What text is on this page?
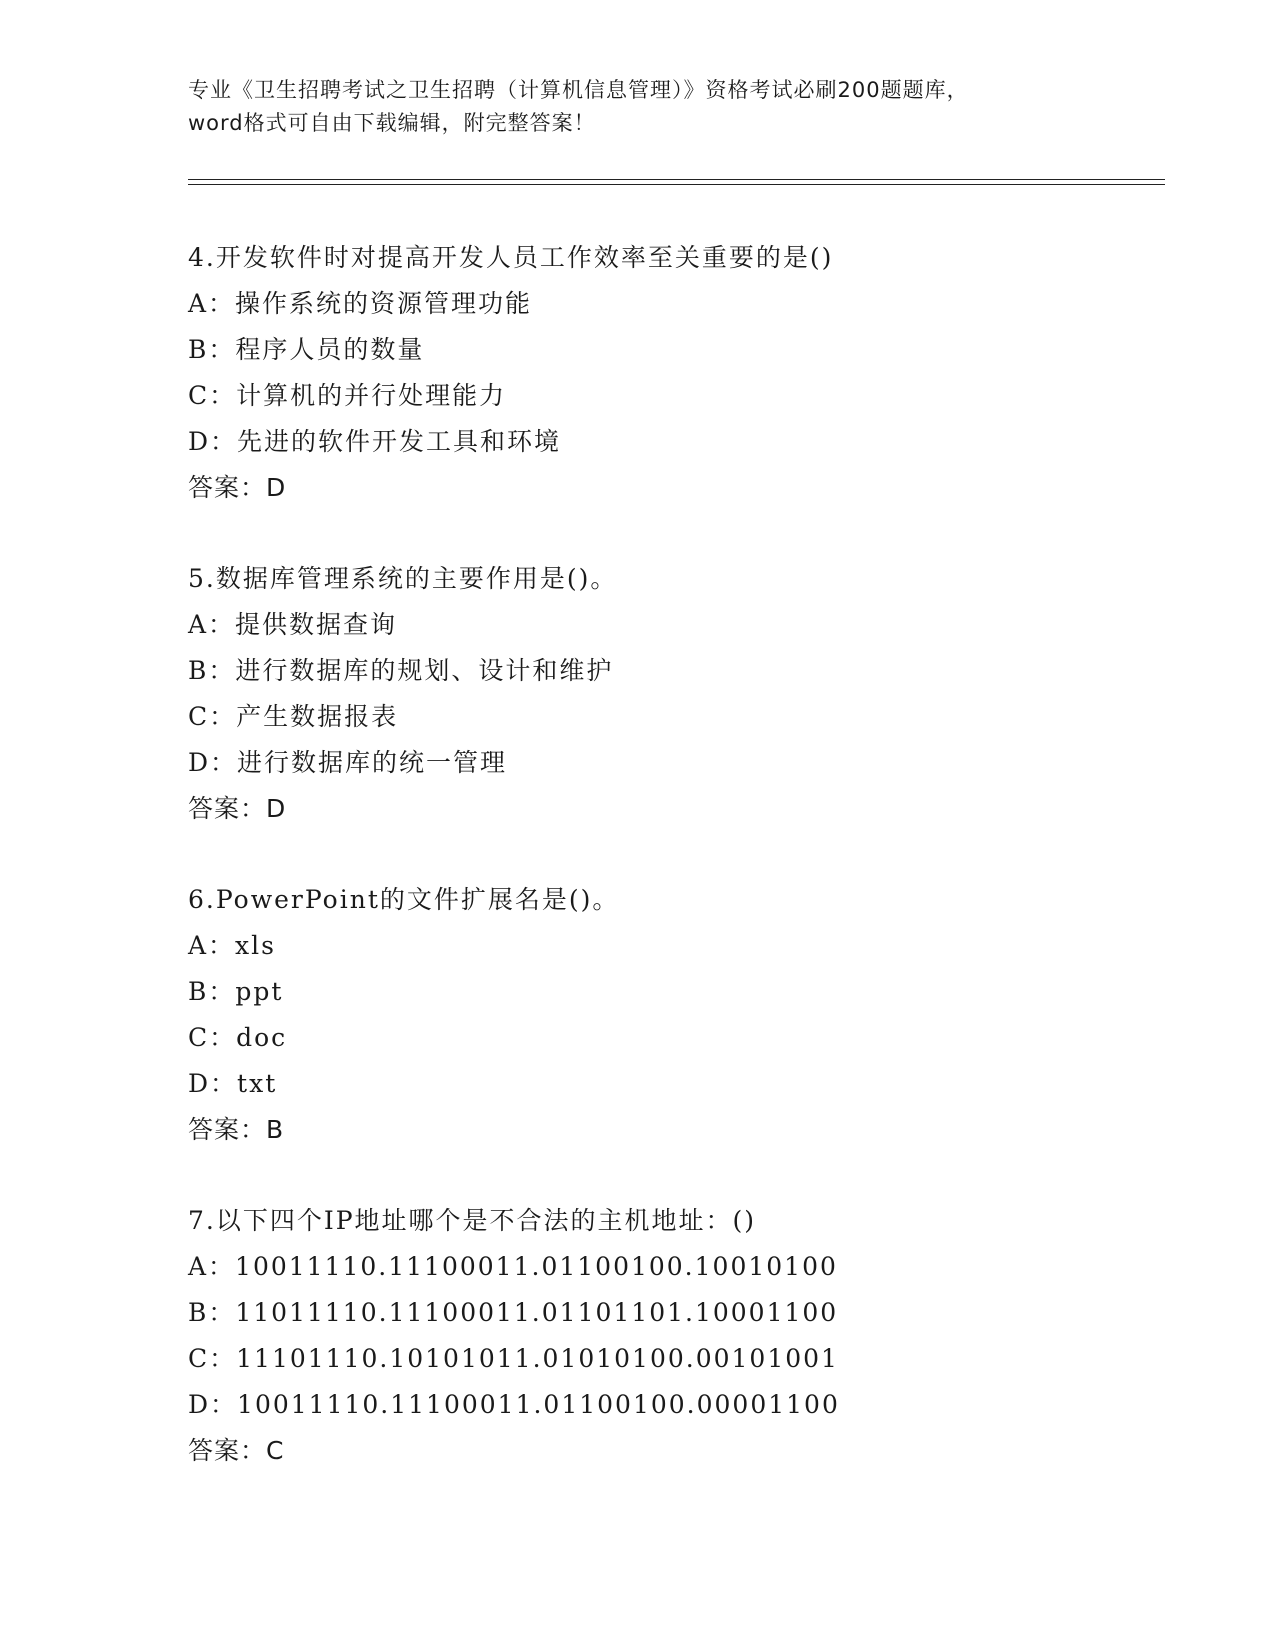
专业《卫生招聘考试之卫生招聘（计算机信息管理）》资格考试必刷200题题库，
word格式可自由下载编辑，附完整答案！
4.开发软件时对提高开发人员工作效率至关重要的是()
A：操作系统的资源管理功能
B：程序人员的数量
C：计算机的并行处理能力
D：先进的软件开发工具和环境
答案：D
5.数据库管理系统的主要作用是()。
A：提供数据查询
B：进行数据库的规划、设计和维护
C：产生数据报表
D：进行数据库的统一管理
答案：D
6.PowerPoint的文件扩展名是()。
A：xls
B：ppt
C：doc
D：txt
答案：B
7.以下四个IP地址哪个是不合法的主机地址：()
A：10011110.11100011.01100100.10010100
B：11011110.11100011.01101101.10001100
C：11101110.10101011.01010100.00101001
D：10011110.11100011.01100100.00001100
答案：C
